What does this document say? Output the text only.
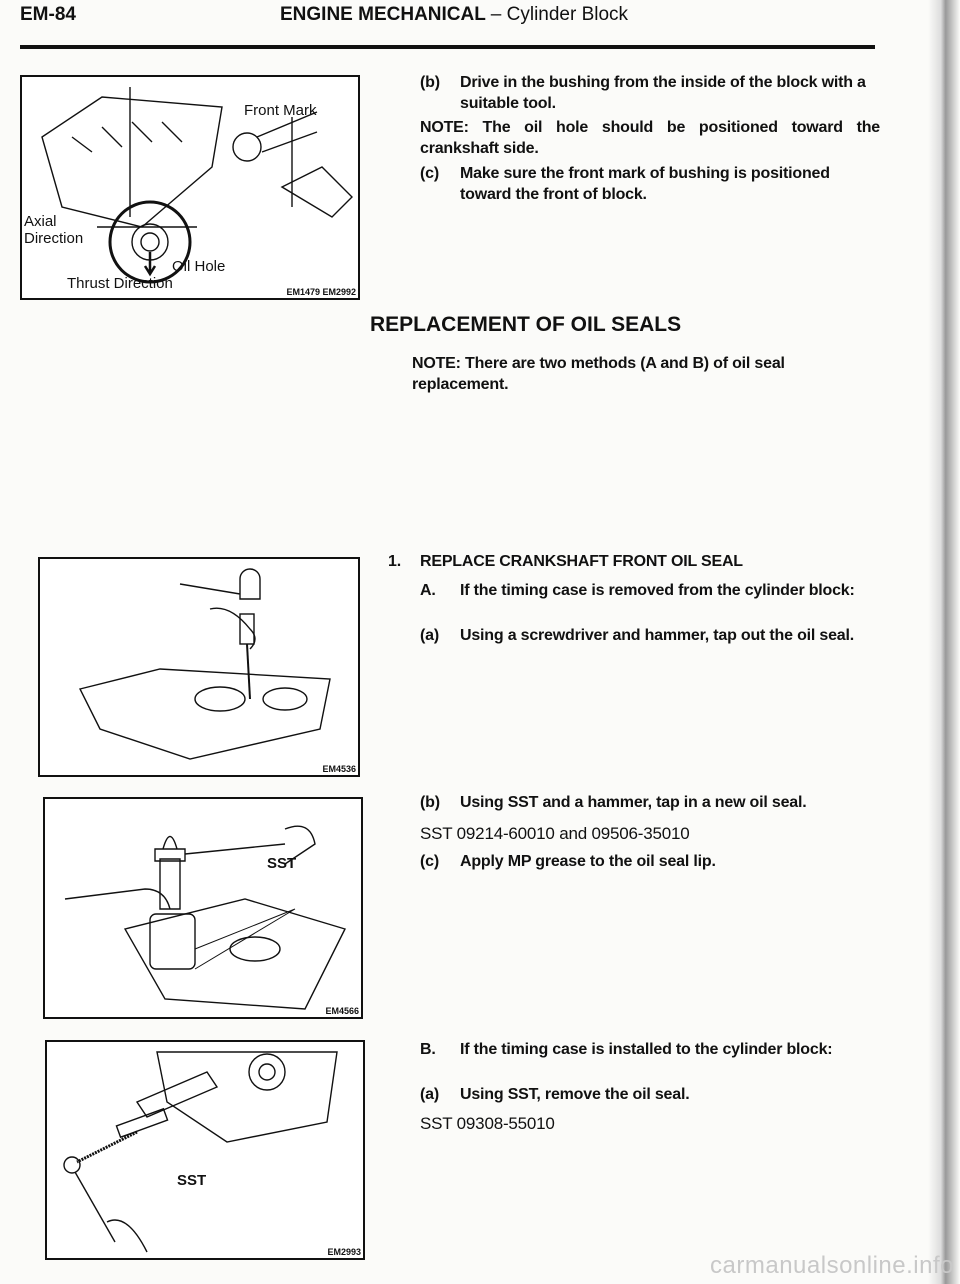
EM-84	ENGINE MECHANICAL – Cylinder Block
Front Mark
Axial
Direction
Oil Hole
Thrust Direction	EM1479 EM2992
EM4536
SST
EM4566
SST
EM2993
(b) Drive in the bushing from the inside of the block with a suitable tool.
NOTE: The oil hole should be positioned toward the crankshaft side.
(c) Make sure the front mark of bushing is positioned toward the front of block.
REPLACEMENT OF OIL SEALS
NOTE: There are two methods (A and B) of oil seal replacement.
1. REPLACE CRANKSHAFT FRONT OIL SEAL
A. If the timing case is removed from the cylinder block:
(a) Using a screwdriver and hammer, tap out the oil seal.
(b) Using SST and a hammer, tap in a new oil seal.
SST 09214-60010 and 09506-35010
(c) Apply MP grease to the oil seal lip.
B. If the timing case is installed to the cylinder block:
(a) Using SST, remove the oil seal.
SST 09308-55010
carmanualsonline.info
